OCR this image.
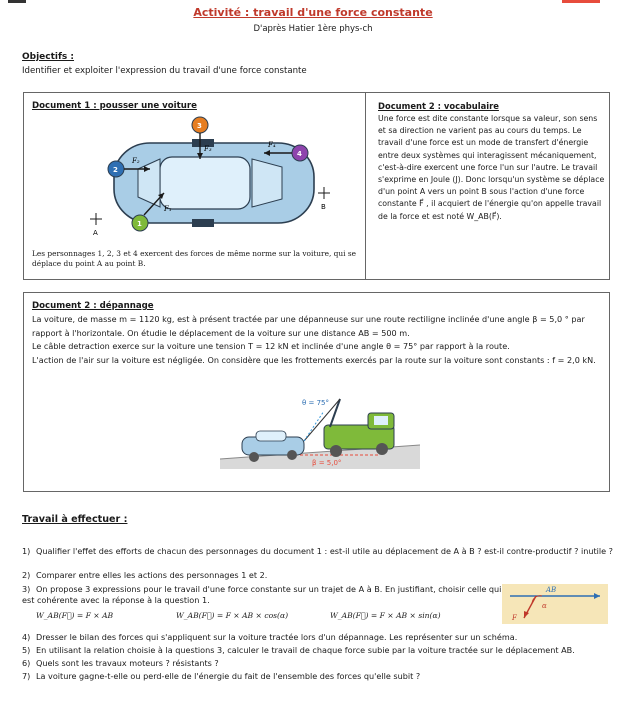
Activité : travail d'une force constante
D'après Hatier 1ère phys-ch
Objectifs :
Identifier et exploiter l'expression du travail d'une force constante
Document 1 : pousser une voiture
1
2
3
4
F₁
F₂
F₃	F₄
A
B
Les personnages 1, 2, 3 et 4 exercent des forces de même norme sur la voiture, qui se déplace du point A au point B.
Document 2 : vocabulaire
Une force est dite constante lorsque sa valeur, son sens et sa direction ne varient pas au cours du temps. Le travail d'une force est un mode de transfert d'énergie entre deux systèmes qui interagissent mécaniquement, c'est-à-dire exercent une force l'un sur l'autre. Le travail s'exprime en Joule (J). Donc lorsqu'un système se déplace d'un point A vers un point B sous l'action d'une force constante F⃗ , il acquiert de l'énergie qu'on appelle travail de la force et est noté W_AB(F⃗).
Document 2 : dépannage

La voiture, de masse m = 1120 kg, est à présent tractée par une dépanneuse sur une route rectiligne inclinée d'une angle β = 5,0 ° par rapport à l'horizontale. On étudie le déplacement de la voiture sur une distance AB = 500 m.

Le câble detraction exerce sur la voiture une tension T = 12 kN et inclinée d'une angle θ = 75° par rapport à la route.

L'action de l'air sur la voiture est négligée. On considère que les frottements exercés par la route sur la voiture sont constants : f = 2,0 kN.

θ = 75°
β = 5,0°
Travail à effectuer :
1) Qualifier l'effet des efforts de chacun des personnages du document 1 : est-il utile au déplacement de A à B ? est-il contre-productif ? inutile ?
2) Comparer entre elles les actions des personnages 1 et 2.
3) On propose 3 expressions pour le travail d'une force constante sur un trajet de A à B. En justifiant, choisir celle qui est cohérente avec la réponse à la question 1.
W_AB(F⃗) = F × AB	W_AB(F⃗) = F × AB × cos(α)	W_AB(F⃗) = F × AB × sin(α)
AB
F
α
4) Dresser le bilan des forces qui s'appliquent sur la voiture tractée lors d'un dépannage. Les représenter sur un schéma.
5) En utilisant la relation choisie à la questions 3, calculer le travail de chaque force subie par la voiture tractée sur le déplacement AB.
6) Quels sont les travaux moteurs ? résistants ?
7) La voiture gagne-t-elle ou perd-elle de l'énergie du fait de l'ensemble des forces qu'elle subit ?
